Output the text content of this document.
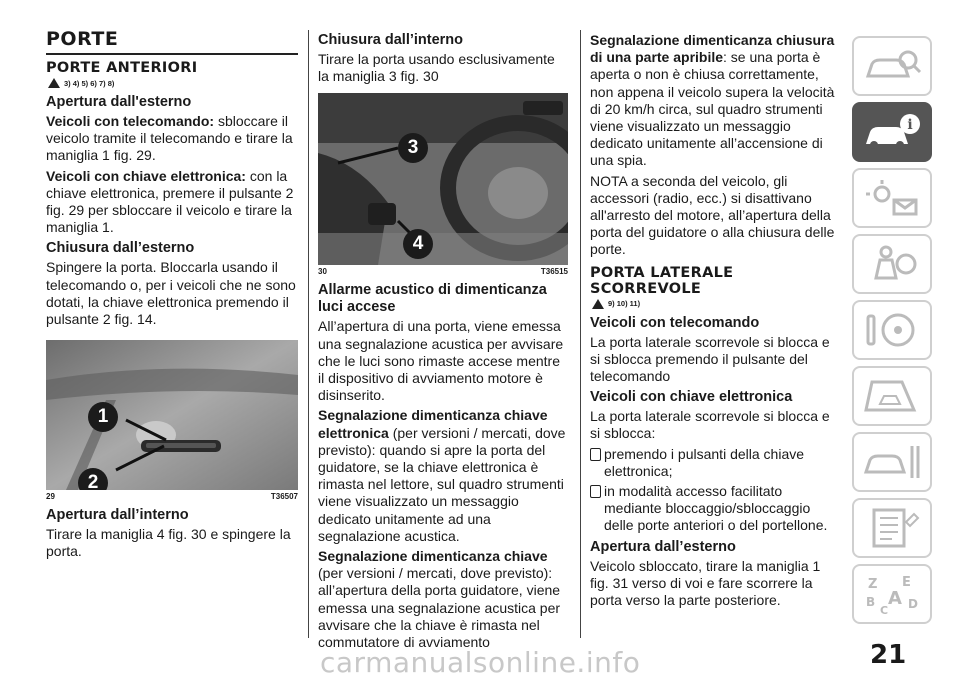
PORTE
PORTE ANTERIORI
3) 4) 5) 6) 7) 8)
Apertura dall'esterno

Veicoli con telecomando: sbloccare il veicolo tramite il telecomando e tirare la maniglia 1 fig. 29.

Veicoli con chiave elettronica: con la chiave elettronica, premere il pulsante 2 fig. 29 per sbloccare il veicolo e tirare la maniglia 1.

Chiusura dall’esterno

Spingere la porta. Bloccarla usando il telecomando o, per i veicoli che ne sono dotati, la chiave elettronica premendo il pulsante 2 fig. 14.

1
2
29	T36507
Apertura dall’interno

Tirare la maniglia 4 fig. 30 e spingere la porta.

Chiusura dall’interno

Tirare la porta usando esclusivamente la maniglia 3 fig. 30

3
4
30	T36515
Allarme acustico di dimenticanza luci accese

All’apertura di una porta, viene emessa una segnalazione acustica per avvisare che le luci sono rimaste accese mentre il dispositivo di avviamento motore è disinserito.

Segnalazione dimenticanza chiave elettronica (per versioni / mercati, dove previsto): quando si apre la porta del guidatore, se la chiave elettronica è rimasta nel lettore, sul quadro strumenti viene visualizzato un messaggio dedicato unitamente ad una segnalazione acustica.

Segnalazione dimenticanza chiave (per versioni / mercati, dove previsto): all’apertura della porta guidatore, viene emessa una segnalazione acustica per avvisare che la chiave è rimasta nel commutatore di avviamento

Segnalazione dimenticanza chiusura di una parte apribile: se una porta è aperta o non è chiusa correttamente, non appena il veicolo supera la velocità di 20 km/h circa, sul quadro strumenti viene visualizzato un messaggio dedicato unitamente all’accensione di una spia.

NOTA a seconda del veicolo, gli accessori (radio, ecc.) si disattivano all'arresto del motore, all’apertura della porta del guidatore o alla chiusura delle porte.

PORTA LATERALE SCORREVOLE
9) 10) 11)
Veicoli con telecomando

La porta laterale scorrevole si blocca e si sblocca premendo il pulsante del telecomando

Veicoli con chiave elettronica

La porta laterale scorrevole si blocca e si sblocca:

premendo i pulsanti della chiave elettronica;
in modalità accesso facilitato mediante bloccaggio/sbloccaggio delle porte anteriori o del portellone.
Apertura dall’esterno

Veicolo sbloccato, tirare la maniglia 1 fig. 31 verso di voi e fare scorrere la porta verso la parte posteriore.

i
Z E
B A D
C
21
carmanualsonline.info
